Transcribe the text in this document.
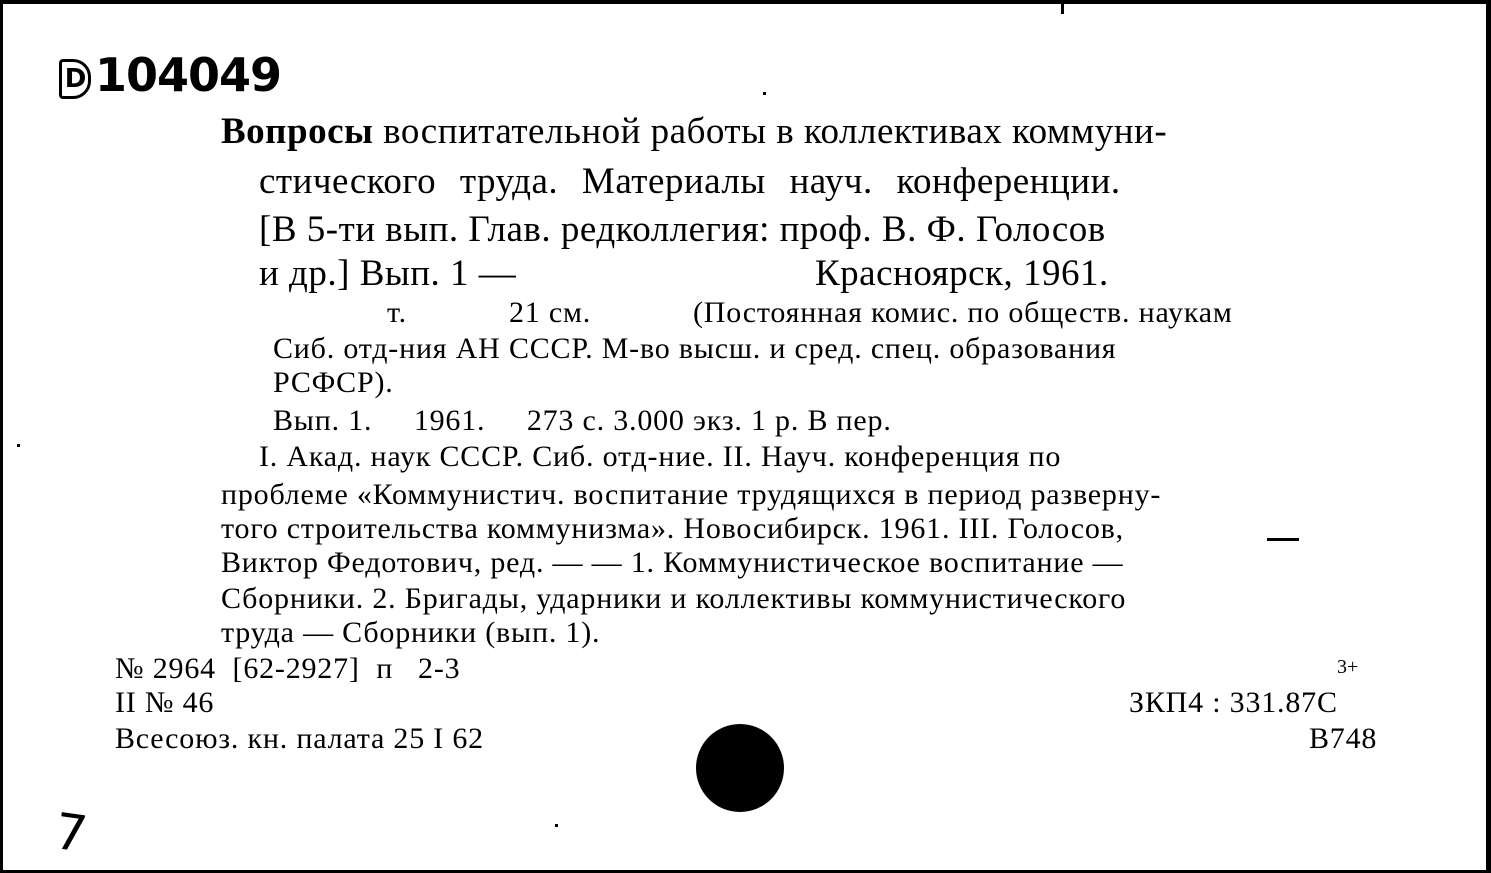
D 104049
Вопросы воспитательной работы в коллективах коммуни-
стического труда. Материалы науч. конференции.
[В 5-ти вып. Глав. редколлегия: проф. В. Ф. Голосов
и др.] Вып. 1 —	Красноярск, 1961.
т.	21 см.	(Постоянная комис. по обществ. наукам
Сиб. отд-ния АН СССР. М-во высш. и сред. спец. образования
РСФСР).
Вып. 1.     1961.     273 с. 3.000 экз. 1 р. В пер.
I. Акад. наук СССР. Сиб. отд-ние. II. Науч. конференция по
проблеме «Коммунистич. воспитание трудящихся в период разверну-
того строительства коммунизма». Новосибирск. 1961. III. Голосов,
Виктор Федотович, ред. — — 1. Коммунистическое воспитание —
Сборники. 2. Бригады, ударники и коллективы коммунистического
труда — Сборники (вып. 1).
№ 2964  [62-2927]  п   2-3
II № 46
Всесоюз. кн. палата 25 I 62
3+
ЗКП4 : 331.87С
В748
7
